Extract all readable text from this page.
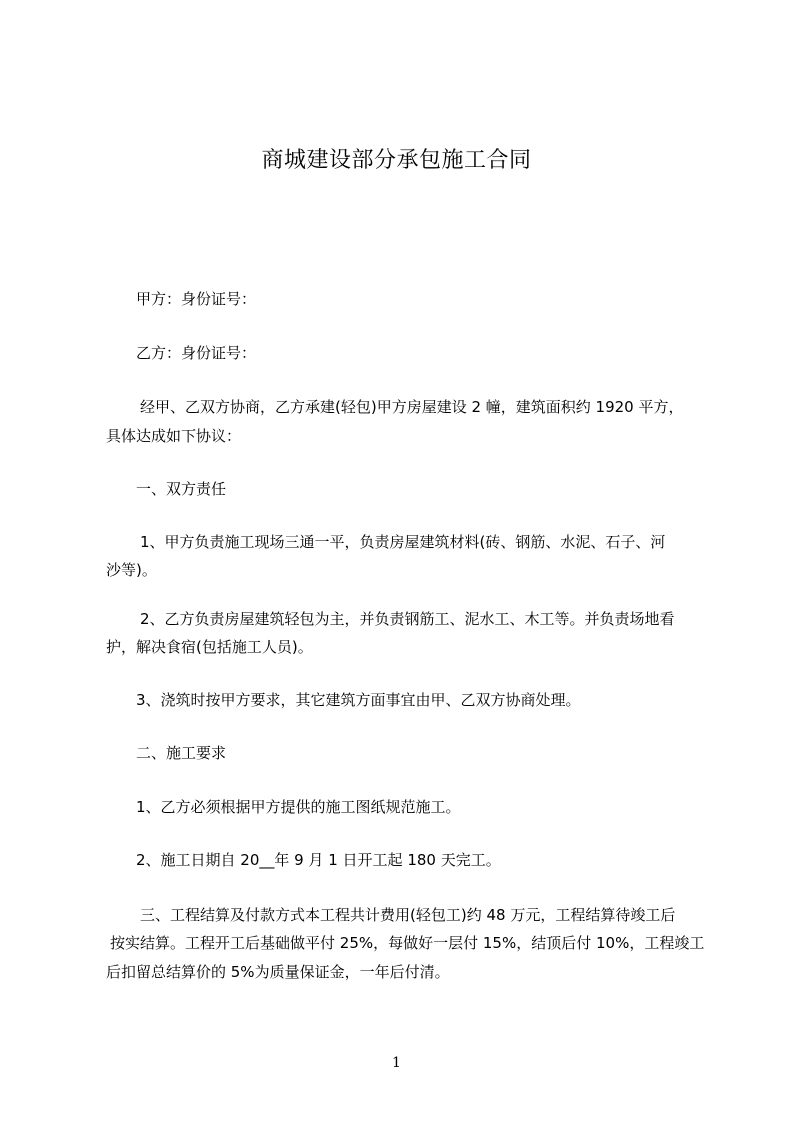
商城建设部分承包施工合同
甲方：身份证号：
乙方：身份证号：
经甲、乙双方协商，乙方承建(轻包)甲方房屋建设 2 幢，建筑面积约 1920 平方，
具体达成如下协议：
一、双方责任
1、甲方负责施工现场三通一平，负责房屋建筑材料(砖、钢筋、水泥、石子、河
沙等)。
2、乙方负责房屋建筑轻包为主，并负责钢筋工、泥水工、木工等。并负责场地看
护，解决食宿(包括施工人员)。
3、浇筑时按甲方要求，其它建筑方面事宜由甲、乙双方协商处理。
二、施工要求
1、乙方必须根据甲方提供的施工图纸规范施工。
2、施工日期自 20__年 9 月 1 日开工起 180 天完工。
三、工程结算及付款方式本工程共计费用(轻包工)约 48 万元，工程结算待竣工后
按实结算。工程开工后基础做平付 25%，每做好一层付 15%，结顶后付 10%，工程竣工
后扣留总结算价的 5%为质量保证金，一年后付清。
1
